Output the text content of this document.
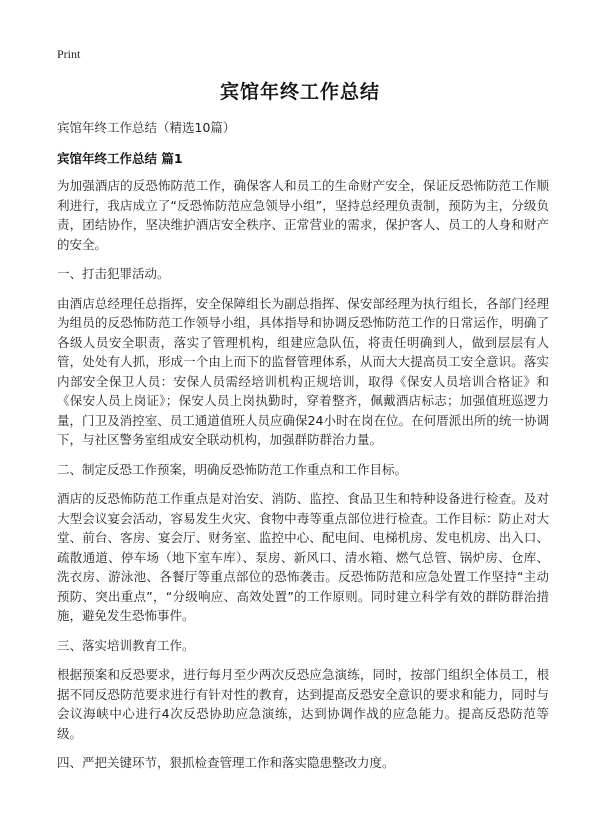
Print
宾馆年终工作总结

宾馆年终工作总结（精选10篇）

宾馆年终工作总结 篇1

为加强酒店的反恐怖防范工作，确保客人和员工的生命财产安全，保证反恐怖防范工作顺利进行，我店成立了“反恐怖防范应急领导小组”，坚持总经理负责制，预防为主，分级负责，团结协作，坚决维护酒店安全秩序、正常营业的需求，保护客人、员工的人身和财产的安全。

一、打击犯罪活动。

由酒店总经理任总指挥，安全保障组长为副总指挥、保安部经理为执行组长，各部门经理为组员的反恐怖防范工作领导小组，具体指导和协调反恐怖防范工作的日常运作，明确了各级人员安全职责，落实了管理机构，组建应急队伍，将责任明确到人，做到层层有人管，处处有人抓，形成一个由上而下的监督管理体系，从而大大提高员工安全意识。落实内部安全保卫人员：安保人员需经培训机构正规培训，取得《保安人员培训合格证》和《保安人员上岗证》；保安人员上岗执勤时，穿着整齐，佩戴酒店标志；加强值班巡逻力量，门卫及消控室、员工通道值班人员应确保24小时在岗在位。在何厝派出所的统一协调下，与社区警务室组成安全联动机构，加强群防群治力量。

二、制定反恐工作预案，明确反恐怖防范工作重点和工作目标。

酒店的反恐怖防范工作重点是对治安、消防、监控、食品卫生和特种设备进行检查。及对大型会议宴会活动，容易发生火灾、食物中毒等重点部位进行检查。工作目标：防止对大堂、前台、客房、宴会厅、财务室、监控中心、配电间、电梯机房、发电机房、出入口、疏散通道、停车场（地下室车库）、泵房、新风口、清水箱、燃气总管、锅炉房、仓库、洗衣房、游泳池、各餐厅等重点部位的恐怖袭击。反恐怖防范和应急处置工作坚持“主动预防、突出重点”，“分级响应、高效处置”的工作原则。同时建立科学有效的群防群治措施，避免发生恐怖事件。

三、落实培训教育工作。

根据预案和反恐要求，进行每月至少两次反恐应急演练，同时，按部门组织全体员工，根据不同反恐防范要求进行有针对性的教育，达到提高反恐安全意识的要求和能力，同时与会议海峡中心进行4次反恐协助应急演练，达到协调作战的应急能力。提高反恐防范等级。

四、严把关键环节，狠抓检查管理工作和落实隐患整改力度。
